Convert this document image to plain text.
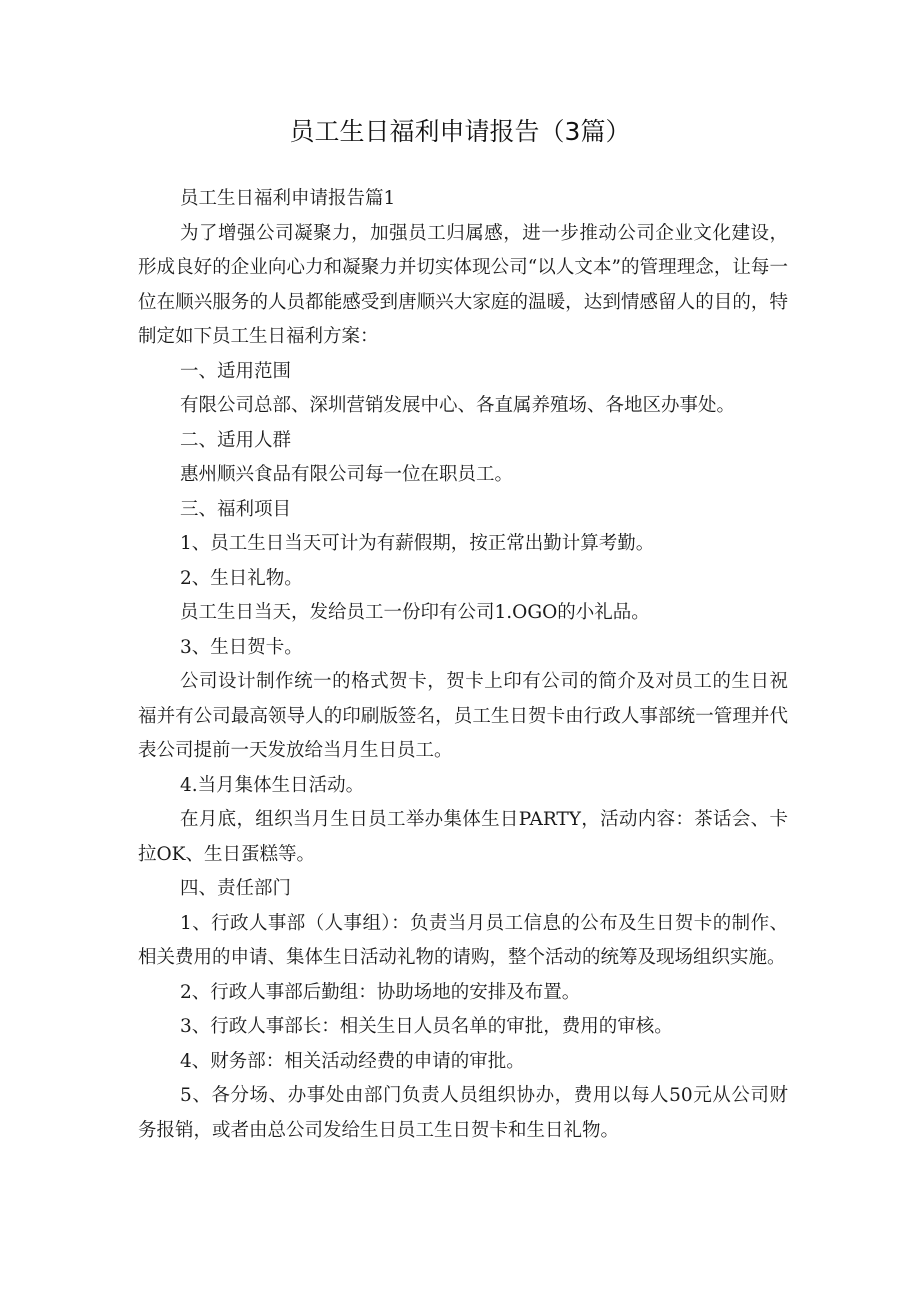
员工生日福利申请报告（3篇）

员工生日福利申请报告篇1

为了增强公司凝聚力，加强员工归属感，进一步推动公司企业文化建设，形成良好的企业向心力和凝聚力并切实体现公司“以人文本”的管理理念，让每一位在顺兴服务的人员都能感受到唐顺兴大家庭的温暖，达到情感留人的目的，特制定如下员工生日福利方案：

一、适用范围

有限公司总部、深圳营销发展中心、各直属养殖场、各地区办事处。

二、适用人群

惠州顺兴食品有限公司每一位在职员工。

三、福利项目

1、员工生日当天可计为有薪假期，按正常出勤计算考勤。

2、生日礼物。

员工生日当天，发给员工一份印有公司1.OGO的小礼品。

3、生日贺卡。

公司设计制作统一的格式贺卡，贺卡上印有公司的简介及对员工的生日祝福并有公司最高领导人的印刷版签名，员工生日贺卡由行政人事部统一管理并代表公司提前一天发放给当月生日员工。

4.当月集体生日活动。

在月底，组织当月生日员工举办集体生日PARTY，活动内容：茶话会、卡拉OK、生日蛋糕等。

四、责任部门

1、行政人事部（人事组）：负责当月员工信息的公布及生日贺卡的制作、相关费用的申请、集体生日活动礼物的请购，整个活动的统筹及现场组织实施。

2、行政人事部后勤组：协助场地的安排及布置。

3、行政人事部长：相关生日人员名单的审批，费用的审核。

4、财务部：相关活动经费的申请的审批。

5、各分场、办事处由部门负责人员组织协办，费用以每人50元从公司财务报销，或者由总公司发给生日员工生日贺卡和生日礼物。
